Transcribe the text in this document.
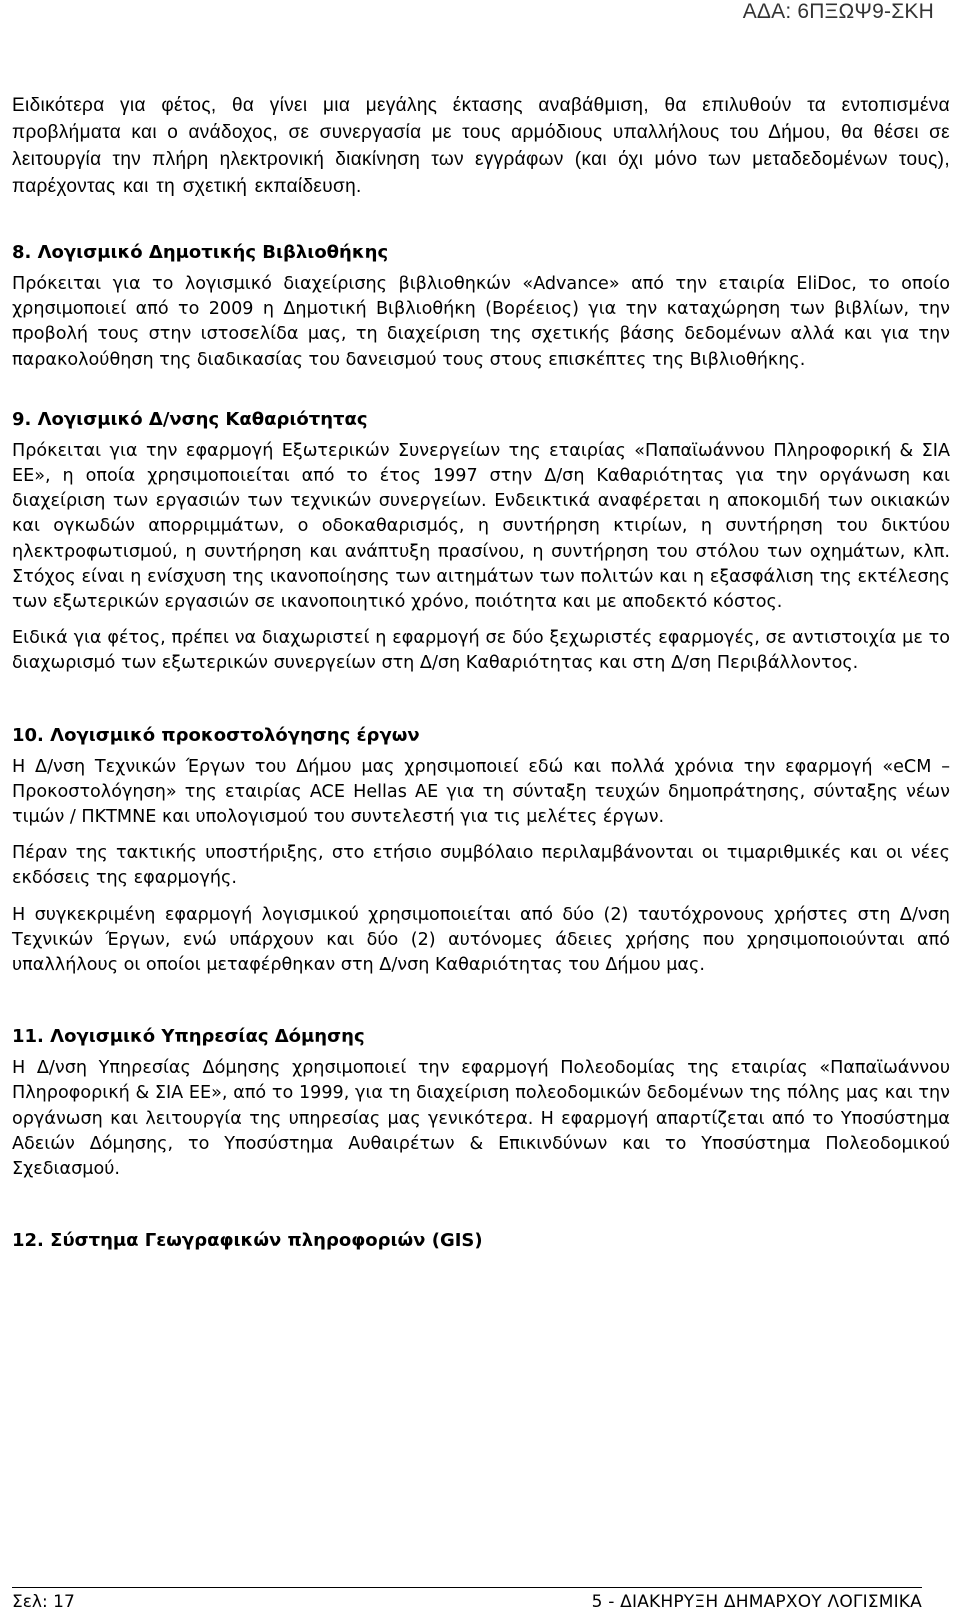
ΑΔΑ: 6ΠΞΩΨ9-ΣΚΗ

Ειδικότερα για φέτος, θα γίνει μια μεγάλης έκτασης αναβάθμιση, θα επιλυθούν τα εντοπισμένα προβλήματα και ο ανάδοχος, σε συνεργασία με τους αρμόδιους υπαλλήλους του Δήμου, θα θέσει σε λειτουργία την πλήρη ηλεκτρονική διακίνηση των εγγράφων (και όχι μόνο των μεταδεδομένων τους), παρέχοντας και τη σχετική εκπαίδευση.

8. Λογισμικό Δημοτικής Βιβλιοθήκης

Πρόκειται για το λογισμικό διαχείρισης βιβλιοθηκών «Advance» από την εταιρία EliDoc, το οποίο χρησιμοποιεί από το 2009 η Δημοτική Βιβλιοθήκη (Βορέειος) για την καταχώρηση των βιβλίων, την προβολή τους στην ιστοσελίδα μας, τη διαχείριση της σχετικής βάσης δεδομένων αλλά και για την παρακολούθηση της διαδικασίας του δανεισμού τους στους επισκέπτες της Βιβλιοθήκης.

9. Λογισμικό Δ/νσης Καθαριότητας

Πρόκειται για την εφαρμογή Εξωτερικών Συνεργείων της εταιρίας «Παπαϊωάννου Πληροφορική & ΣΙΑ ΕΕ», η οποία χρησιμοποιείται από το έτος 1997 στην Δ/ση Καθαριότητας για την οργάνωση και διαχείριση των εργασιών των τεχνικών συνεργείων. Ενδεικτικά αναφέρεται η αποκομιδή των οικιακών και ογκωδών απορριμμάτων, ο οδοκαθαρισμός, η συντήρηση κτιρίων, η συντήρηση του δικτύου ηλεκτροφωτισμού, η συντήρηση και ανάπτυξη πρασίνου, η συντήρηση του στόλου των οχημάτων, κλπ. Στόχος είναι η ενίσχυση της ικανοποίησης των αιτημάτων των πολιτών και η εξασφάλιση της εκτέλεσης των εξωτερικών εργασιών σε ικανοποιητικό χρόνο, ποιότητα και με αποδεκτό κόστος.

Ειδικά για φέτος, πρέπει να διαχωριστεί η εφαρμογή σε δύο ξεχωριστές εφαρμογές, σε αντιστοιχία με το διαχωρισμό των εξωτερικών συνεργείων στη Δ/ση Καθαριότητας και στη Δ/ση Περιβάλλοντος.

10. Λογισμικό προκοστολόγησης έργων

Η Δ/νση Τεχνικών Έργων του Δήμου μας χρησιμοποιεί εδώ και πολλά χρόνια την εφαρμογή «eCM – Προκοστολόγηση» της εταιρίας ACE Hellas AE για τη σύνταξη τευχών δημοπράτησης, σύνταξης νέων τιμών / ΠΚΤΜΝΕ και υπολογισμού του συντελεστή για τις μελέτες έργων.

Πέραν της τακτικής υποστήριξης, στο ετήσιο συμβόλαιο περιλαμβάνονται οι τιμαριθμικές και οι νέες εκδόσεις της εφαρμογής.

Η συγκεκριμένη εφαρμογή λογισμικού χρησιμοποιείται από δύο (2) ταυτόχρονους χρήστες στη Δ/νση Τεχνικών Έργων, ενώ υπάρχουν και δύο (2) αυτόνομες άδειες χρήσης που χρησιμοποιούνται από υπαλλήλους οι οποίοι μεταφέρθηκαν στη Δ/νση Καθαριότητας του Δήμου μας.

11. Λογισμικό Υπηρεσίας Δόμησης

Η Δ/νση Υπηρεσίας Δόμησης χρησιμοποιεί την εφαρμογή Πολεοδομίας της εταιρίας «Παπαϊωάννου Πληροφορική & ΣΙΑ ΕΕ», από το 1999, για τη διαχείριση πολεοδομικών δεδομένων της πόλης μας και την οργάνωση και λειτουργία της υπηρεσίας μας γενικότερα. Η εφαρμογή απαρτίζεται από το Υποσύστημα Αδειών Δόμησης, το Υποσύστημα Αυθαιρέτων & Επικινδύνων και το Υποσύστημα Πολεοδομικού Σχεδιασμού.

12. Σύστημα Γεωγραφικών πληροφοριών (GIS)
Σελ: 17	5 - ΔΙΑΚΗΡΥΞΗ ΔΗΜΑΡΧΟΥ ΛΟΓΙΣΜΙΚΑ
